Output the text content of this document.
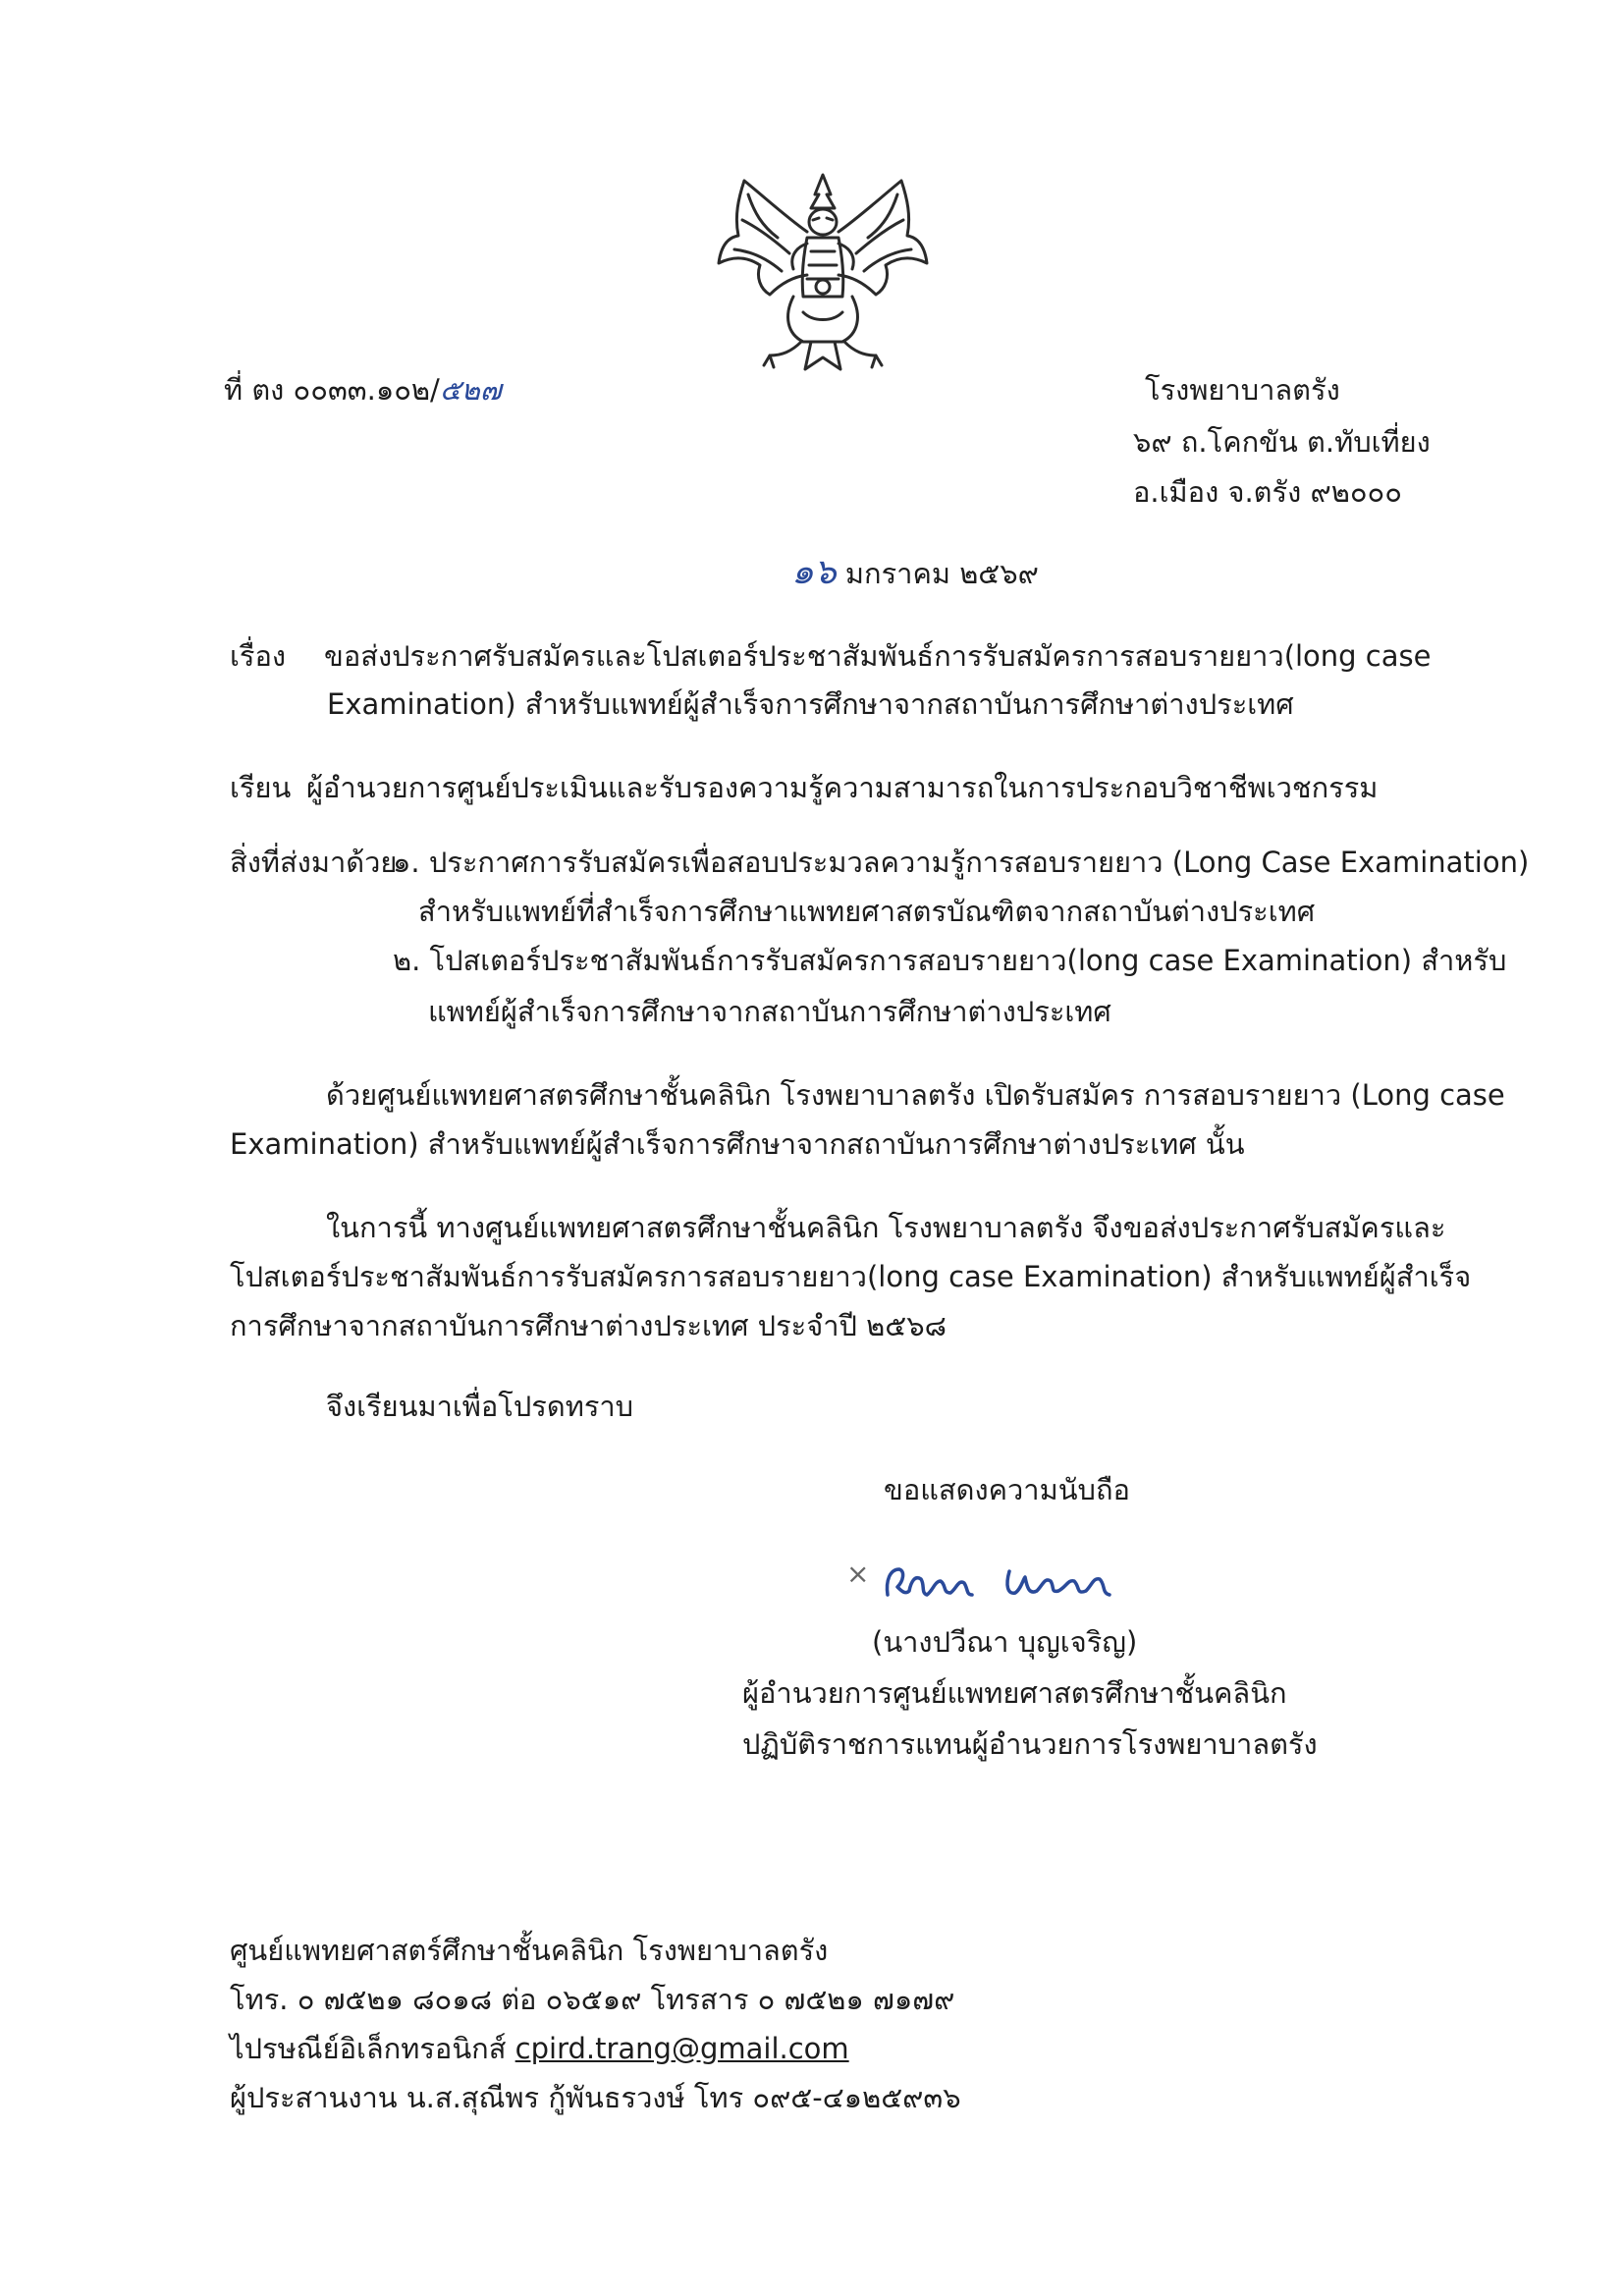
ที่ ตง ๐๐๓๓.๑๐๒/๕๒๗	โรงพยาบาลตรัง
๖๙ ถ.โคกขัน ต.ทับเที่ยง
อ.เมือง จ.ตรัง ๙๒๐๐๐
๑๖ มกราคม ๒๕๖๙
เรื่อง ขอส่งประกาศรับสมัครและโปสเตอร์ประชาสัมพันธ์การรับสมัครการสอบรายยาว(long case
Examination) สำหรับแพทย์ผู้สำเร็จการศึกษาจากสถาบันการศึกษาต่างประเทศ
เรียน ผู้อำนวยการศูนย์ประเมินและรับรองความรู้ความสามารถในการประกอบวิชาชีพเวชกรรม
สิ่งที่ส่งมาด้วย
๑. ประกาศการรับสมัครเพื่อสอบประมวลความรู้การสอบรายยาว (Long Case Examination)
สำหรับแพทย์ที่สำเร็จการศึกษาแพทยศาสตรบัณฑิตจากสถาบันต่างประเทศ
๒. โปสเตอร์ประชาสัมพันธ์การรับสมัครการสอบรายยาว(long case Examination) สำหรับ
แพทย์ผู้สำเร็จการศึกษาจากสถาบันการศึกษาต่างประเทศ
ด้วยศูนย์แพทยศาสตรศึกษาชั้นคลินิก โรงพยาบาลตรัง เปิดรับสมัคร การสอบรายยาว (Long case
Examination) สำหรับแพทย์ผู้สำเร็จการศึกษาจากสถาบันการศึกษาต่างประเทศ นั้น
ในการนี้ ทางศูนย์แพทยศาสตรศึกษาชั้นคลินิก โรงพยาบาลตรัง จึงขอส่งประกาศรับสมัครและ
โปสเตอร์ประชาสัมพันธ์การรับสมัครการสอบรายยาว(long case Examination) สำหรับแพทย์ผู้สำเร็จ
การศึกษาจากสถาบันการศึกษาต่างประเทศ ประจำปี ๒๕๖๘
จึงเรียนมาเพื่อโปรดทราบ
ขอแสดงความนับถือ
×
(นางปวีณา บุญเจริญ)
ผู้อำนวยการศูนย์แพทยศาสตรศึกษาชั้นคลินิก
ปฏิบัติราชการแทนผู้อำนวยการโรงพยาบาลตรัง
ศูนย์แพทยศาสตร์ศึกษาชั้นคลินิก โรงพยาบาลตรัง
โทร. ๐ ๗๕๒๑ ๘๐๑๘ ต่อ ๐๖๕๑๙ โทรสาร ๐ ๗๕๒๑ ๗๑๗๙
ไปรษณีย์อิเล็กทรอนิกส์ cpird.trang@gmail.com
ผู้ประสานงาน น.ส.สุณีพร กู้พันธรวงษ์ โทร ๐๙๕-๔๑๒๕๙๓๖
